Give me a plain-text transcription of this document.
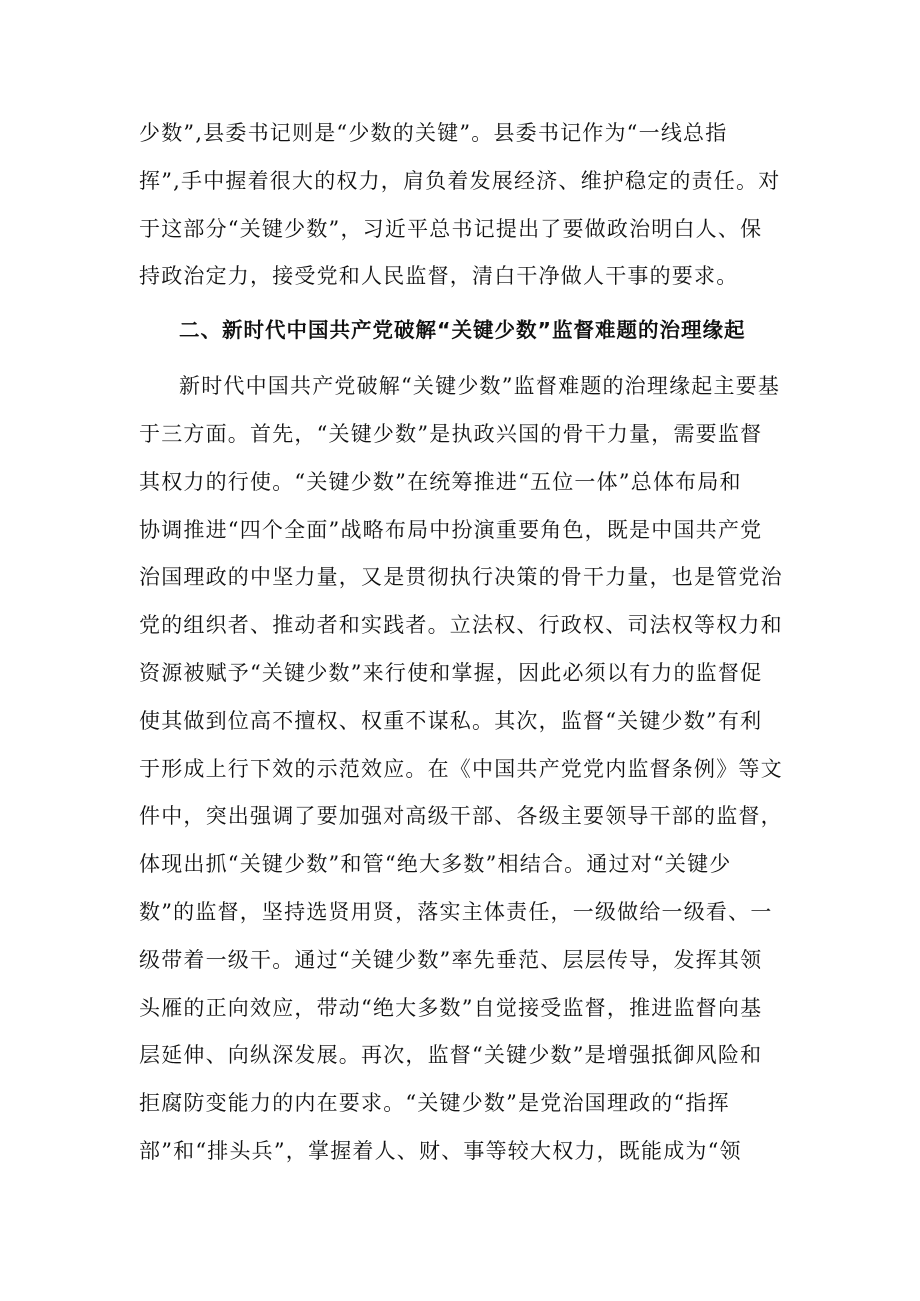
少数”,县委书记则是“少数的关键”。县委书记作为“一线总指
挥”,手中握着很大的权力，肩负着发展经济、维护稳定的责任。对
于这部分“关键少数”，习近平总书记提出了要做政治明白人、保
持政治定力，接受党和人民监督，清白干净做人干事的要求。
二、新时代中国共产党破解“关键少数”监督难题的治理缘起
新时代中国共产党破解“关键少数”监督难题的治理缘起主要基
于三方面。首先，“关键少数”是执政兴国的骨干力量，需要监督
其权力的行使。“关键少数”在统筹推进“五位一体”总体布局和
协调推进“四个全面”战略布局中扮演重要角色，既是中国共产党
治国理政的中坚力量，又是贯彻执行决策的骨干力量，也是管党治
党的组织者、推动者和实践者。立法权、行政权、司法权等权力和
资源被赋予“关键少数”来行使和掌握，因此必须以有力的监督促
使其做到位高不擅权、权重不谋私。其次，监督“关键少数”有利
于形成上行下效的示范效应。在《中国共产党党内监督条例》等文
件中，突出强调了要加强对高级干部、各级主要领导干部的监督，
体现出抓“关键少数”和管“绝大多数”相结合。通过对“关键少
数”的监督，坚持选贤用贤，落实主体责任，一级做给一级看、一
级带着一级干。通过“关键少数”率先垂范、层层传导，发挥其领
头雁的正向效应，带动“绝大多数”自觉接受监督，推进监督向基
层延伸、向纵深发展。再次，监督“关键少数”是增强抵御风险和
拒腐防变能力的内在要求。“关键少数”是党治国理政的“指挥
部”和“排头兵”，掌握着人、财、事等较大权力，既能成为“领
